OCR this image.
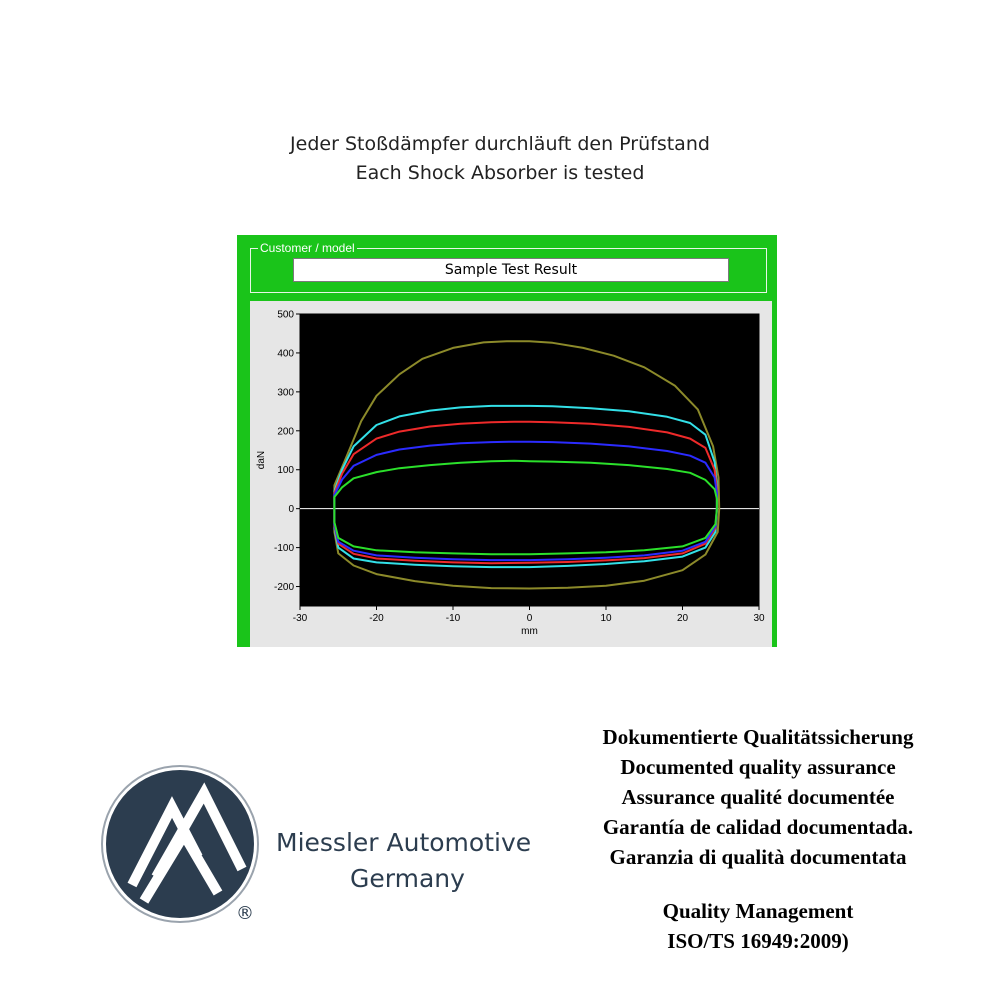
Jeder Stoßdämpfer durchläuft den Prüfstand
Each Shock Absorber is tested
Customer / model
Sample Test Result
500
400
300
200
100
0
-100
-200
-30	-20	-10	0	10	20	30
mm
daN
®
Miessler Automotive
Germany
Dokumentierte Qualitätssicherung
Documented quality assurance
Assurance qualité documentée
Garantía de calidad documentada.
Garanzia di qualità documentata
Quality Management
ISO/TS 16949:2009)
